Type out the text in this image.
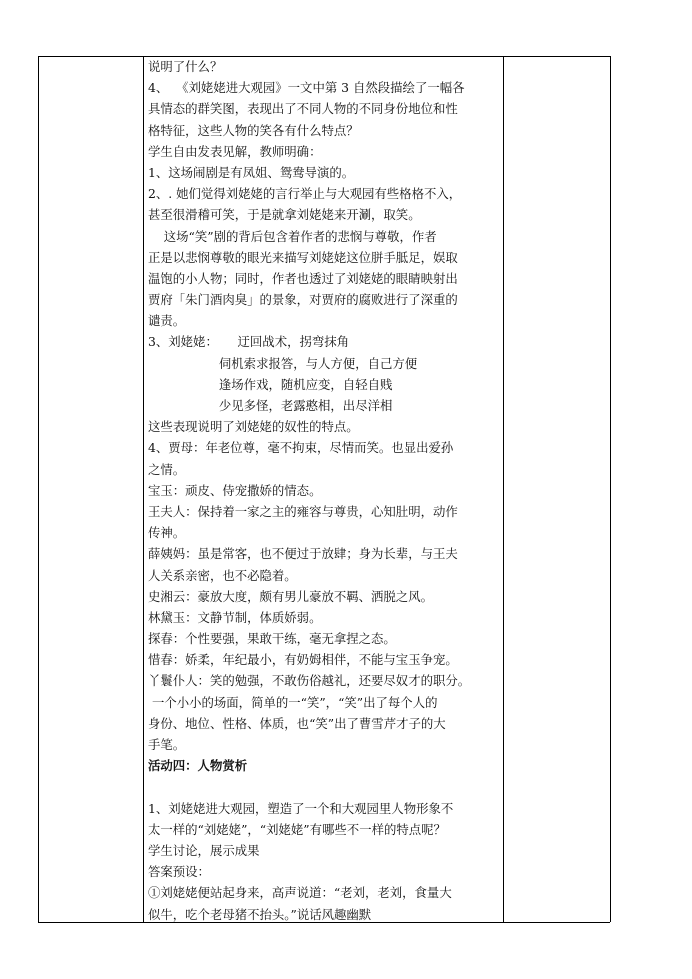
说明了什么？
4、  《刘姥姥进大观园》一文中第 3 自然段描绘了一幅各
具情态的群笑图，表现出了不同人物的不同身份地位和性
格特征，这些人物的笑各有什么特点？
学生自由发表见解，教师明确：
1、这场闹剧是有凤姐、鸳鸯导演的。
2、. 她们觉得刘姥姥的言行举止与大观园有些格格不入，
甚至很滑稽可笑，于是就拿刘姥姥来开涮，取笑。
这场“笑”剧的背后包含着作者的悲悯与尊敬，作者
正是以悲悯尊敬的眼光来描写刘姥姥这位胼手胝足，娱取
温饱的小人物；同时，作者也透过了刘姥姥的眼睛映射出
贾府「朱门酒肉臭」的景象，对贾府的腐败进行了深重的
谴责。
3、刘姥姥：     迂回战术，拐弯抹角
伺机索求报答，与人方便，自己方便
逢场作戏，随机应变，自轻自贱
少见多怪，老露憨相，出尽洋相
这些表现说明了刘姥姥的奴性的特点。
4、贾母：年老位尊，毫不拘束，尽情而笑。也显出爱孙
之情。
宝玉：顽皮、侍宠撒娇的情态。
王夫人：保持着一家之主的雍容与尊贵，心知肚明，动作
传神。
薛姨妈：虽是常客，也不便过于放肆；身为长辈，与王夫
人关系亲密，也不必隐着。
史湘云：豪放大度，颇有男儿豪放不羁、洒脱之风。
林黛玉：文静节制，体质娇弱。
探春：个性要强，果敢干练，毫无拿捏之态。
惜春：娇柔，年纪最小，有奶姆相伴，不能与宝玉争宠。
丫鬟仆人：笑的勉强，不敢伤俗越礼，还要尽奴才的职分。
一个小小的场面，简单的一“笑”，“笑”出了每个人的
身份、地位、性格、体质，也“笑”出了曹雪芹才子的大
手笔。
活动四：人物赏析
1、刘姥姥进大观园，塑造了一个和大观园里人物形象不
太一样的“刘姥姥”，“刘姥姥”有哪些不一样的特点呢？
学生讨论，展示成果
答案预设：
①刘姥姥便站起身来，高声说道：“老刘，老刘，食量大
似牛，吃个老母猪不抬头。”说话风趣幽默
